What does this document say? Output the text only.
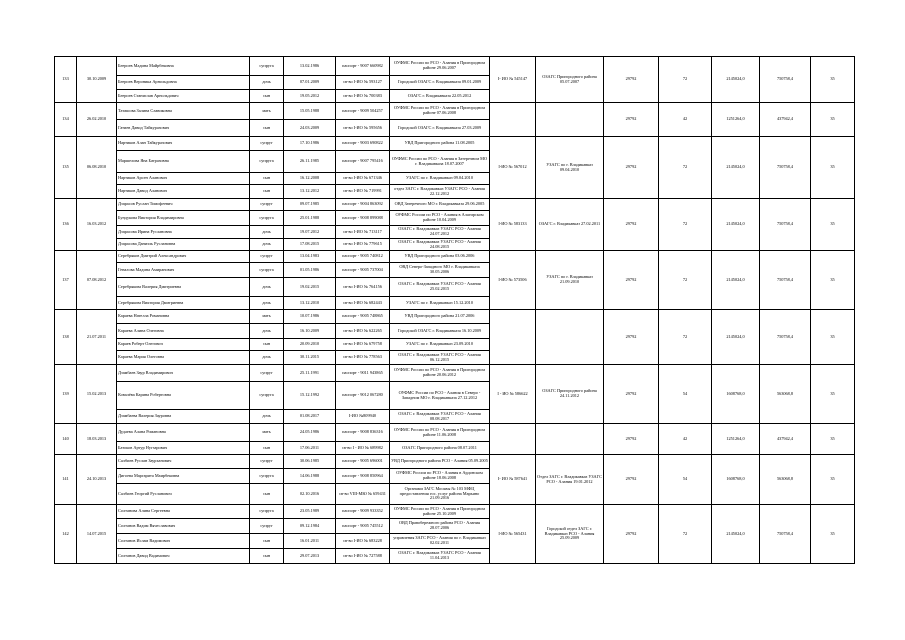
133	30.10.2009	Беероев Мадина Майрбековна	супруга	13.02.1986	паспорт - 9007 660982	ОУФМС России по РСО - Алания в Пригородном районе 29.06.2007	I- ИО № 545147	ОЗАГС Пригородного района 05.07.2007	29792	72	2145024,0	750758,4	35
		Беероев Вероника Арнольдовна	дочь	07.01.2009	св-во I-ИО № 593127	Городской ОЗАГС г. Владикавказа 09.01.2009							
		Беероев Станислав Арнольдович	сын	19.05.2012	св-во I-ИО № 700383	ОЗАГС г. Владикавказа 22.05.2012							
134	26.02.2010	Таташова Залина Славиковна	мать	15.05.1988	паспорт - 9009 504257	ОУФМС России по РСО - Алания в Пригородном районе 07.06.2008			29792	42	1251264,0	437942,4	35
		Гатиев Давид Тайкуразович	сын	24.03.2009	св-во I-ИО № 595656	Городской ОЗАГС г. Владикавказа 27.03.2009							
135	06.08.2010	Нартиков Алан Тайкуразович	супруг	17.10.1986	паспорт - 9003 690822	УВД Пригородного района 11.08.2005	I-ИО № 567012	УЗАГС по г. Владикавказ 09.04.2010	29792	72	2145024,0	750758,4	35
		Маршелова Яна Батразовна	супруга	26.11.1985	паспорт - 9007 795416	ОУФМС России по РСО - Алания в Затеречном МО г. Владикавказа 18.07.2007							
		Нартиков Арсен Аланович	сын	16.12.2008	св-во I-ИО № 671346	УЗАГС по г. Владикавказ 09.04.2010							
		Нартиков Давид Аланович	сын	13.12.2012	св-во I-ИО № 719991	отдел ЗАГС г. Владикавказ УЗАГС РСО - Алания 22.12.2012							
136	16.03.2012	Дзарасов Руслан Тимофеевич	супруг	09.07.1985	паспорт - 9004 863092	ОВД Затеречного МО г. Владикавказа 29.06.2005	I-ИО № 583133	ОЗАГС г. Владикавказ 27.02.2011	29792	72	2145024,0	750758,4	35
		Бундукова Виктория Владимировна	супруга	25.01.1988	паспорт - 9008 899088	ОУФМС России по РСО - Алания в Алагирском районе 10.04.2009							
		Дзарасова Ирина Руслановна	дочь	19.07.2012	св-во I-ИО № 713117	ОЗАГС г. Владикавказ УЗАГС РСО - Алания 24.07.2012							
		Дзарасова Даниэль Руслановна	дочь	17.08.2015	св-во I-ИО № 779615	ОЗАГС г. Владикавказ УЗАГС РСО - Алания 24.08.2015							
137	07.08.2012	Серебряков Дмитрий Александрович	супруг	13.04.1983	паспорт - 9005 740812	УВД Пригородного района 03.06.2006	I-ИО № 573506	УЗАГС по г. Владикавказ 21.09.2010	29792	72	2145024,0	750758,4	35
		Геналова Мадина Амиранович	супруга	01.05.1986	паспорт - 9005 737004	ОВД Северо-Западного МО г. Владикавказа 30.05.2006							
		Серебрякова Валерия Дмитриевна	дочь	19.02.2015	св-во I-ИО № 764156	ОЗАГС г. Владикавказ УЗАГС РСО - Алания 25.02.2015							
		Серебрякова Виктория Дмитриевна	дочь	13.12.2010	св-во I-ИО № 682443	УЗАГС по г. Владикавказ 15.12.2010							
138	21.07.2011	Караева Нателла Романовна	мать	10.07.1986	паспорт - 9005 748865	УВД Пригородного района 21.07.2006			29792	72	2145024,0	750758,4	35
		Караева Алина Олеговна	дочь	16.10.2009	св-во I-ИО № 622265	Городской ОЗАГС г. Владикавказа 16.10.2009							
		Караев Роберт Олегович	сын	20.09.2010	св-во I-ИО № 679758	УЗАГС по г. Владикавказ 23.09.2010							
		Караева Мария Олеговна	дочь	30.11.2015	св-во I-ИО № 778563	ОЗАГС г. Владикавказ УЗАГС РСО - Алания 06.12.2015							
139	15.02.2013	Дзамбаев Заур Владимирович	супруг	25.11.1991	паспорт - 9011 943865	ОУФМС России по РСО - Алания в Пригородном районе 20.06.2012	I - ИО № 586622	ОЗАГС Пригородного района 24.11.2012	29792	54	1608768,0	563068,8	35
		Ковалёва Карина Робертовна	супруга	15.12.1992	паспорт - 9012 067280	ОУФМС России по РСО - Алания в Северо - Западном МО г. Владикавказа 27.12.2012							
		Дзамбаева Валерия Зауровна	дочь	01.08.2017	I-ИО №809940	ОЗАГС г. Владикавказ УЗАГС РСО - Алания 08.08.2017							
140	18.03.2013	Дудаева Алана Романовна	мать	24.05.1986	паспорт - 9008 836316	ОУФМС России по РСО - Алания в Пригородном районе 11.06.2008			29792	42	1251264,0	437942,4	35
		Батоков Артур Нугзарович	сын	17.06.2011	св-во I - ИО № 689982	ОЗАГС Пригородного района 08.07.2011							
141	24.10.2013	Салбиев Руслан Заурханович	супруг	30.06.1985	паспорт - 9005 696001	УВД Пригородного района РСО - Алания 05.09.2005	I- ИО № 587641	Отдел ЗАГС г. Владикавказ УЗАГС РСО - Алания 19.01.2012	29792	54	1608768,0	563068,8	35
		Дигоева Маргарита Маирбековна	супруга	14.06.1988	паспорт - 9008 850964	ОУФМС России по РСО - Алания в Ардонском районе 18.06.2008							
		Салбиев Георгий Русланович	сын	02.10.2016	св-во VIII-МЮ № 659431	Органами ЗАГС Москвы № 103 МФЦ предоставления гос. услуг района Марьино 21.09.2016							
142	14.07.2015	Солтанова Алина Сергеевна	супруга	23.05.1989	паспорт - 9009 933352	ОУФМС России по РСО - Алания в Пригородном районе 25.10.2009	I-ИО № 565431	Городской отдел ЗАГС г. Владикавказ РСО - Алания 25.09.2009	29792	72	2145024,0	750758,4	35
		Солтанов Вадим Вячеславович	супруг	09.12.1984	паспорт - 9005 745512	ОВД Правобережного района РСО - Алания 28.07.2006							
		Солтанов Ислам Вадимович	сын	16.01.2011	св-во I-ИО № 683228	управления ЗАГС РСО - Алания по г. Владикавказ 02.02.2011							
		Солтанов Давид Вадимович	сын	29.07.2013	св-во I-ИО № 727588	ОЗАГС г. Владикавказ УЗАГС РСО - Алания 11.04.2013							
